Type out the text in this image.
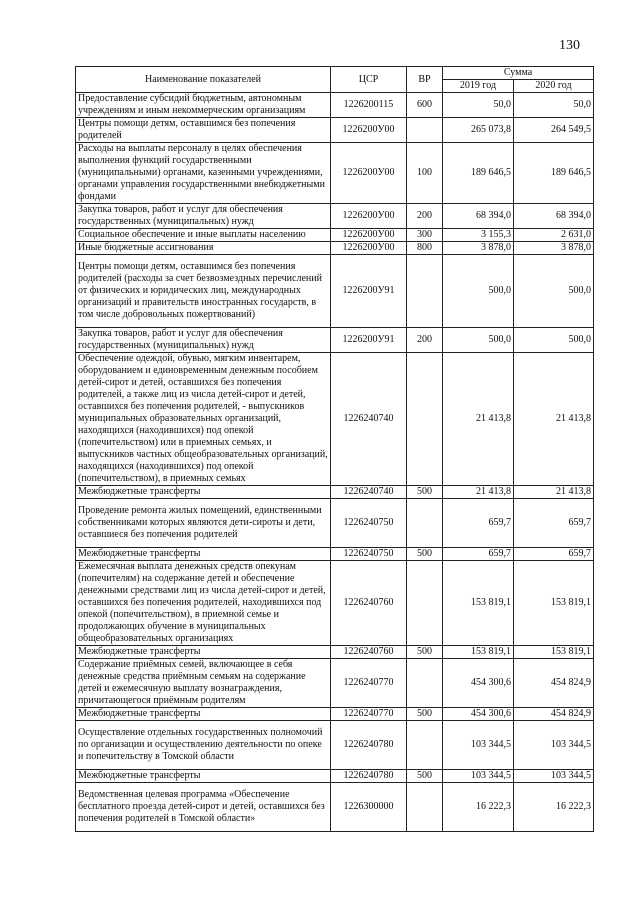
130
Наименование показателей	ЦСР	ВР	Сумма	
			2019 год	2020 год
Предоставление субсидий бюджетным, автономным учреждениям и иным некоммерческим организациям	1226200115	600	50,0	50,0
Центры помощи детям, оставшимся без попечения родителей	1226200У00		265 073,8	264 549,5
Расходы на выплаты персоналу в целях обеспечения выполнения функций государственными (муниципальными) органами, казенными учреждениями, органами управления государственными внебюджетными фондами	1226200У00	100	189 646,5	189 646,5
Закупка товаров, работ и услуг для обеспечения государственных (муниципальных) нужд	1226200У00	200	68 394,0	68 394,0
Социальное обеспечение и иные выплаты населению	1226200У00	300	3 155,3	2 631,0
Иные бюджетные ассигнования	1226200У00	800	3 878,0	3 878,0
Центры помощи детям, оставшимся без попечения родителей (расходы за счет безвозмездных перечислений от физических и юридических лиц, международных организаций и правительств иностранных государств, в том числе добровольных пожертвований)	1226200У91		500,0	500,0
Закупка товаров, работ и услуг для обеспечения государственных (муниципальных) нужд	1226200У91	200	500,0	500,0
Обеспечение одеждой, обувью, мягким инвентарем, оборудованием и единовременным денежным пособием детей-сирот и детей, оставшихся без попечения родителей, а также лиц из числа детей-сирот и детей, оставшихся без попечения родителей, - выпускников муниципальных образовательных организаций, находящихся (находившихся) под опекой (попечительством) или в приемных семьях, и выпускников частных общеобразовательных организаций, находящихся (находившихся) под опекой (попечительством), в приемных семьях	1226240740		21 413,8	21 413,8
Межбюджетные трансферты	1226240740	500	21 413,8	21 413,8
Проведение ремонта жилых помещений, единственными собственниками которых являются дети-сироты и дети, оставшиеся без попечения родителей	1226240750		659,7	659,7
Межбюджетные трансферты	1226240750	500	659,7	659,7
Ежемесячная выплата денежных средств опекунам (попечителям) на содержание детей и обеспечение денежными средствами лиц из числа детей-сирот и детей, оставшихся без попечения родителей, находившихся под опекой (попечительством), в приемной семье и продолжающих обучение в муниципальных общеобразовательных организациях	1226240760		153 819,1	153 819,1
Межбюджетные трансферты	1226240760	500	153 819,1	153 819,1
Содержание приёмных семей, включающее в себя денежные средства приёмным семьям на содержание детей и ежемесячную выплату вознаграждения, причитающегося приёмным родителям	1226240770		454 300,6	454 824,9
Межбюджетные трансферты	1226240770	500	454 300,6	454 824,9
Осуществление отдельных государственных полномочий по организации и осуществлению деятельности по опеке и попечительству в Томской области	1226240780		103 344,5	103 344,5
Межбюджетные трансферты	1226240780	500	103 344,5	103 344,5
Ведомственная целевая программа «Обеспечение бесплатного проезда детей-сирот и детей, оставшихся без попечения родителей в Томской области»	1226300000		16 222,3	16 222,3
